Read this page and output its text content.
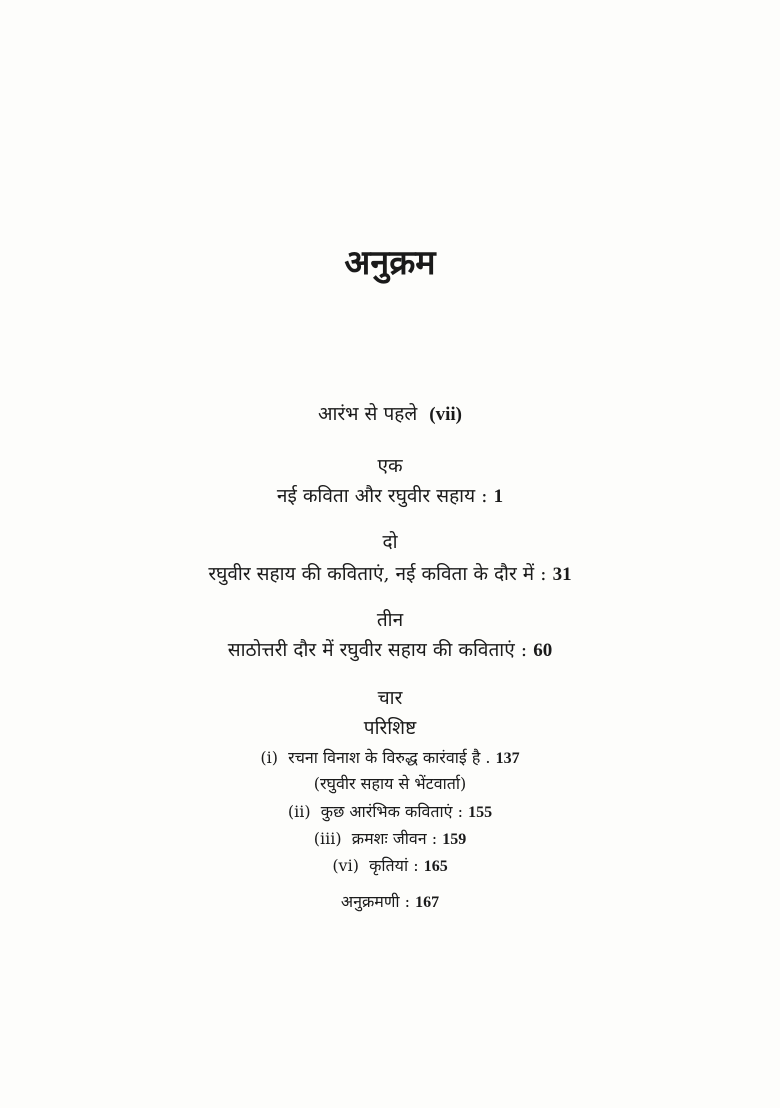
अनुक्रम
आरंभ से पहले (vii)
एक
नई कविता और रघुवीर सहाय : 1
दो
रघुवीर सहाय की कविताएं, नई कविता के दौर में : 31
तीन
साठोत्तरी दौर में रघुवीर सहाय की कविताएं : 60
चार
परिशिष्ट
(i) रचना विनाश के विरुद्ध कारंवाई है . 137
(रघुवीर सहाय से भेंटवार्ता)
(ii) कुछ आरंभिक कविताएं : 155
(iii) क्रमशः जीवन : 159
(vi) कृतियां : 165
अनुक्रमणी : 167
